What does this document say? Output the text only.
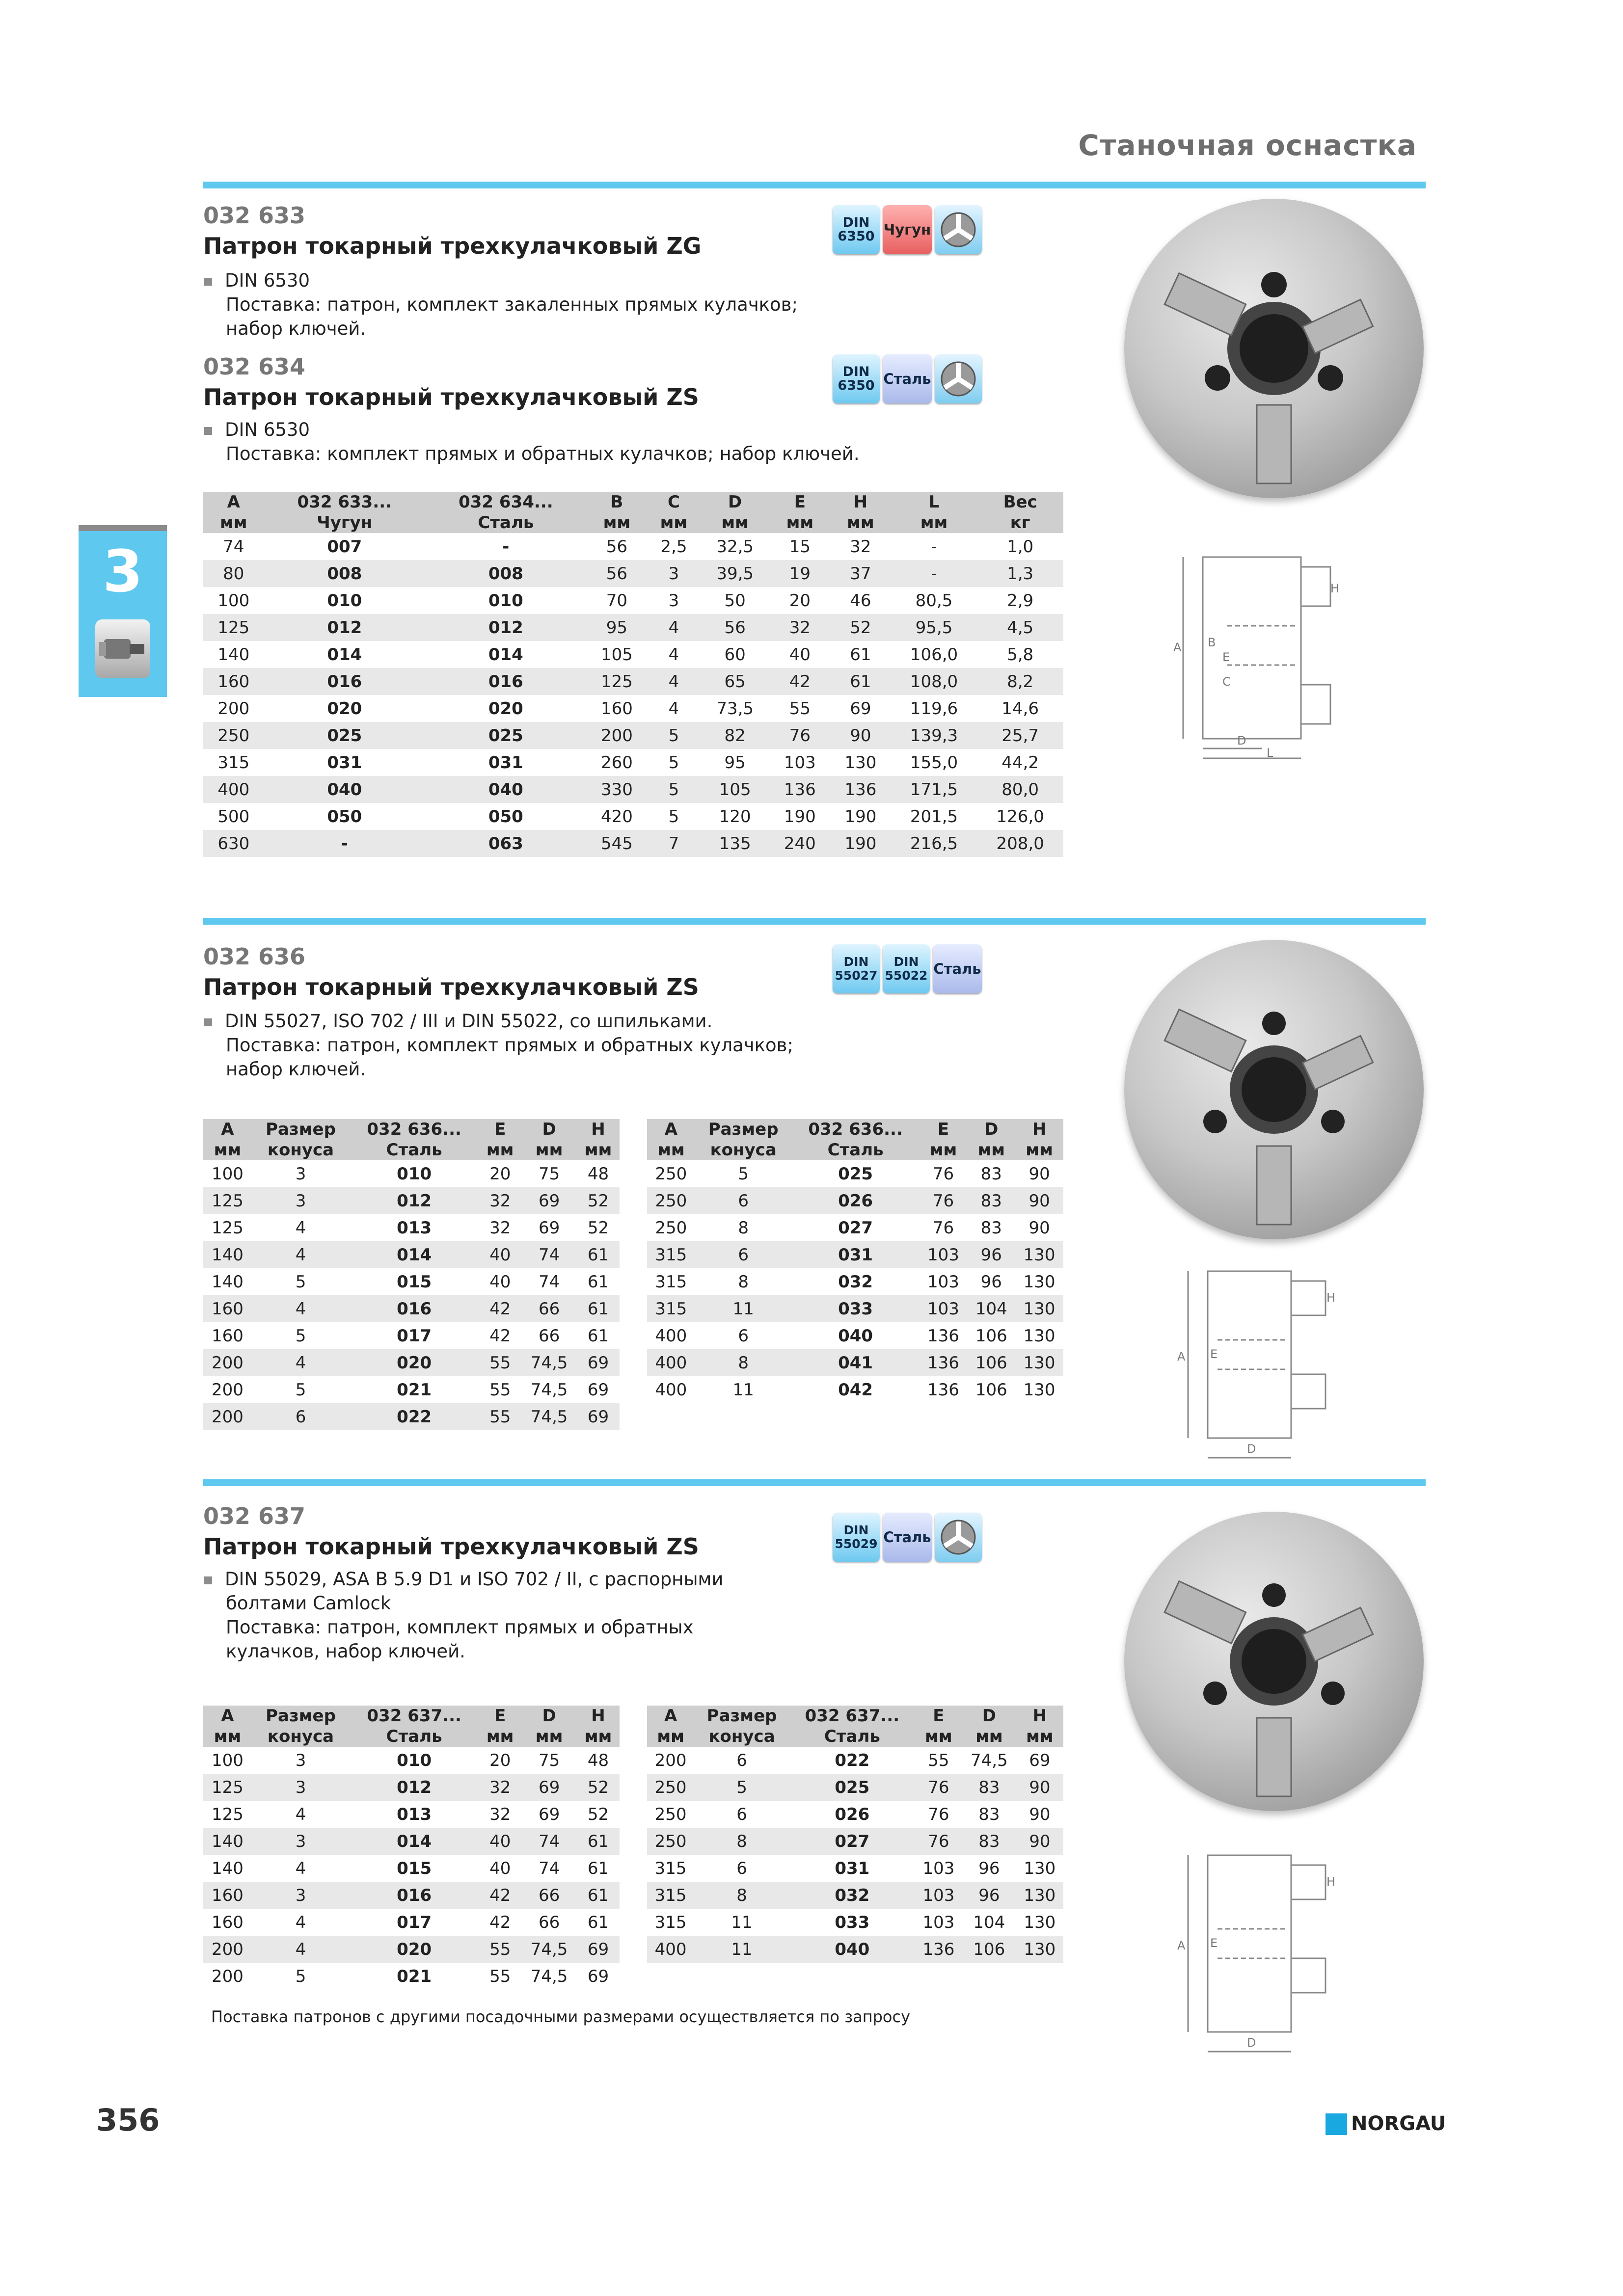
Станочная оснастка
3
032 633
Патрон токарный трехкулачковый ZG
DIN 6530
Поставка: патрон, комплект закаленных прямых кулачков;
набор ключей.
DIN
6350 Чугун
032 634
Патрон токарный трехкулачковый ZS
DIN 6530
Поставка: комплект прямых и обратных кулачков; набор ключей.
DIN
6350 Сталь
A B
E
C
H
D
L
A	032 633...	032 634...	B	C	D	E	H	L	Вес
мм	Чугун	Сталь	мм	мм	мм	мм	мм	мм	кг
74	007	-	56	2,5	32,5	15	32	-	1,0
80	008	008	56	3	39,5	19	37	-	1,3
100	010	010	70	3	50	20	46	80,5	2,9
125	012	012	95	4	56	32	52	95,5	4,5
140	014	014	105	4	60	40	61	106,0	5,8
160	016	016	125	4	65	42	61	108,0	8,2
200	020	020	160	4	73,5	55	69	119,6	14,6
250	025	025	200	5	82	76	90	139,3	25,7
315	031	031	260	5	95	103	130	155,0	44,2
400	040	040	330	5	105	136	136	171,5	80,0
500	050	050	420	5	120	190	190	201,5	126,0
630	-	063	545	7	135	240	190	216,5	208,0
032 636
Патрон токарный трехкулачковый ZS
DIN 55027, ISO 702 / III и DIN 55022, со шпильками.
Поставка: патрон, комплект прямых и обратных кулачков;
набор ключей.
DIN
55027
DIN
55022 Сталь
A E
H
D
A	Размер	032 636...	E	D	H
мм	конуса	Сталь	мм	мм	мм
100	3	010	20	75	48
125	3	012	32	69	52
125	4	013	32	69	52
140	4	014	40	74	61
140	5	015	40	74	61
160	4	016	42	66	61
160	5	017	42	66	61
200	4	020	55	74,5	69
200	5	021	55	74,5	69
200	6	022	55	74,5	69
A	Размер	032 636...	E	D	H
мм	конуса	Сталь	мм	мм	мм
250	5	025	76	83	90
250	6	026	76	83	90
250	8	027	76	83	90
315	6	031	103	96	130
315	8	032	103	96	130
315	11	033	103	104	130
400	6	040	136	106	130
400	8	041	136	106	130
400	11	042	136	106	130
032 637
Патрон токарный трехкулачковый ZS
DIN 55029, ASA B 5.9 D1 и ISO 702 / II, с распорными
болтами Camlock
Поставка: патрон, комплект прямых и обратных
кулачков, набор ключей.
DIN
55029 Сталь
A E
H
D
A	Размер	032 637...	E	D	H
мм	конуса	Сталь	мм	мм	мм
100	3	010	20	75	48
125	3	012	32	69	52
125	4	013	32	69	52
140	3	014	40	74	61
140	4	015	40	74	61
160	3	016	42	66	61
160	4	017	42	66	61
200	4	020	55	74,5	69
200	5	021	55	74,5	69
A	Размер	032 637...	E	D	H
мм	конуса	Сталь	мм	мм	мм
200	6	022	55	74,5	69
250	5	025	76	83	90
250	6	026	76	83	90
250	8	027	76	83	90
315	6	031	103	96	130
315	8	032	103	96	130
315	11	033	103	104	130
400	11	040	136	106	130
Поставка патронов с другими посадочными размерами осуществляется по запросу
356	NORGAU
